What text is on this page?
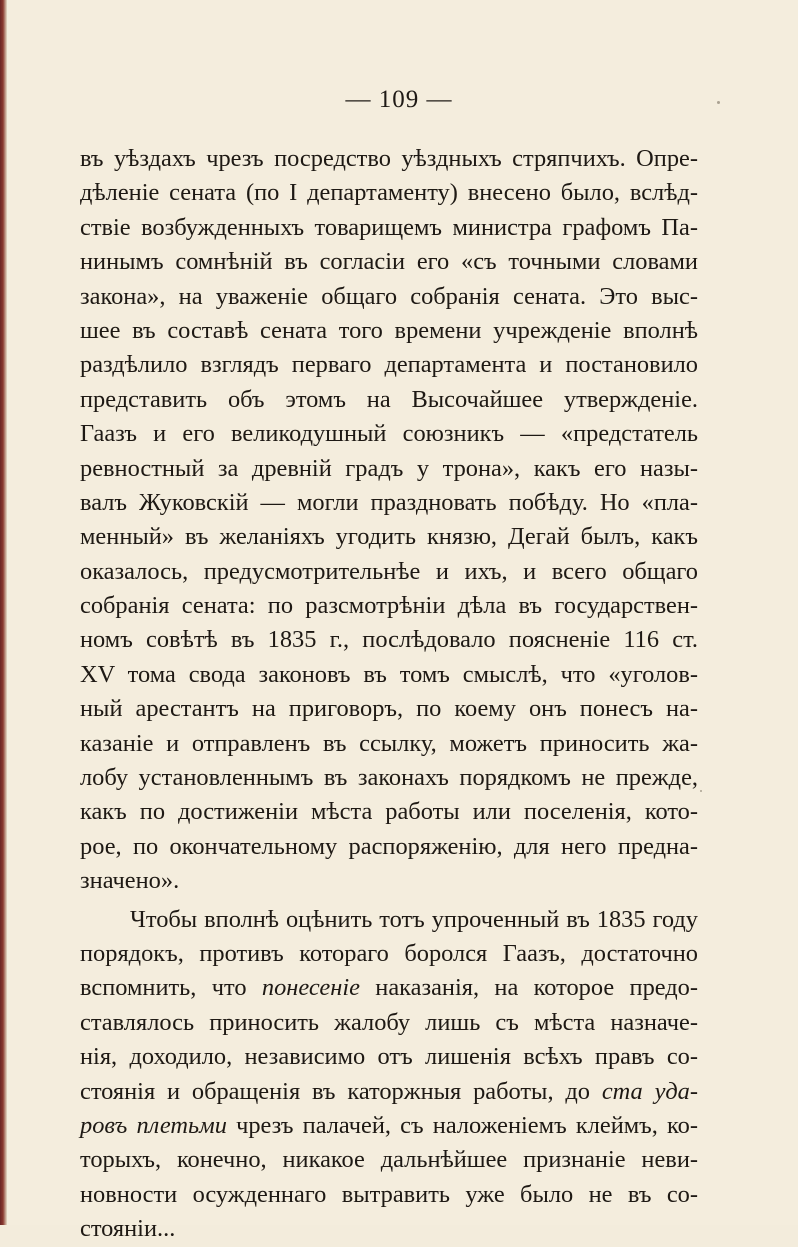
— 109 —
въ уѣздахъ чрезъ посредство уѣздныхъ стряпчихъ. Опре-
дѣленіе сената (по I департаменту) внесено было, вслѣд-
ствіе возбужденныхъ товарищемъ министра графомъ Па-
нинымъ сомнѣній въ согласіи его «съ точными словами
закона», на уваженіе общаго собранія сената. Это выс-
шее въ составѣ сената того времени учрежденіе вполнѣ
раздѣлило взглядъ перваго департамента и постановило
представить объ этомъ на Высочайшее утвержденіе.
Гаазъ и его великодушный союзникъ — «предстатель
ревностный за древній градъ у трона», какъ его назы-
валъ Жуковскій — могли праздновать побѣду. Но «пла-
менный» въ желаніяхъ угодить князю, Дегай былъ, какъ
оказалось, предусмотрительнѣе и ихъ, и всего общаго
собранія сената: по разсмотрѣніи дѣла въ государствен-
номъ совѣтѣ въ 1835 г., послѣдовало поясненіе 116 ст.
XV тома свода законовъ въ томъ смыслѣ, что «уголов-
ный арестантъ на приговоръ, по коему онъ понесъ на-
казаніе и отправленъ въ ссылку, можетъ приносить жа-
лобу установленнымъ въ законахъ порядкомъ не прежде,
какъ по достиженіи мѣста работы или поселенія, кото-
рое, по окончательному распоряженію, для него предна-
значено».
Чтобы вполнѣ оцѣнить тотъ упроченный въ 1835 году
порядокъ, противъ котораго боролся Гаазъ, достаточно
вспомнить, что понесеніе наказанія, на которое предо-
ставлялось приносить жалобу лишь съ мѣста назначе-
нія, доходило, независимо отъ лишенія всѣхъ правъ со-
стоянія и обращенія въ каторжныя работы, до ста уда-
ровъ плетьми чрезъ палачей, съ наложеніемъ клеймъ, ко-
торыхъ, конечно, никакое дальнѣйшее признаніе неви-
новности осужденнаго вытравить уже было не въ со-
стояніи...
